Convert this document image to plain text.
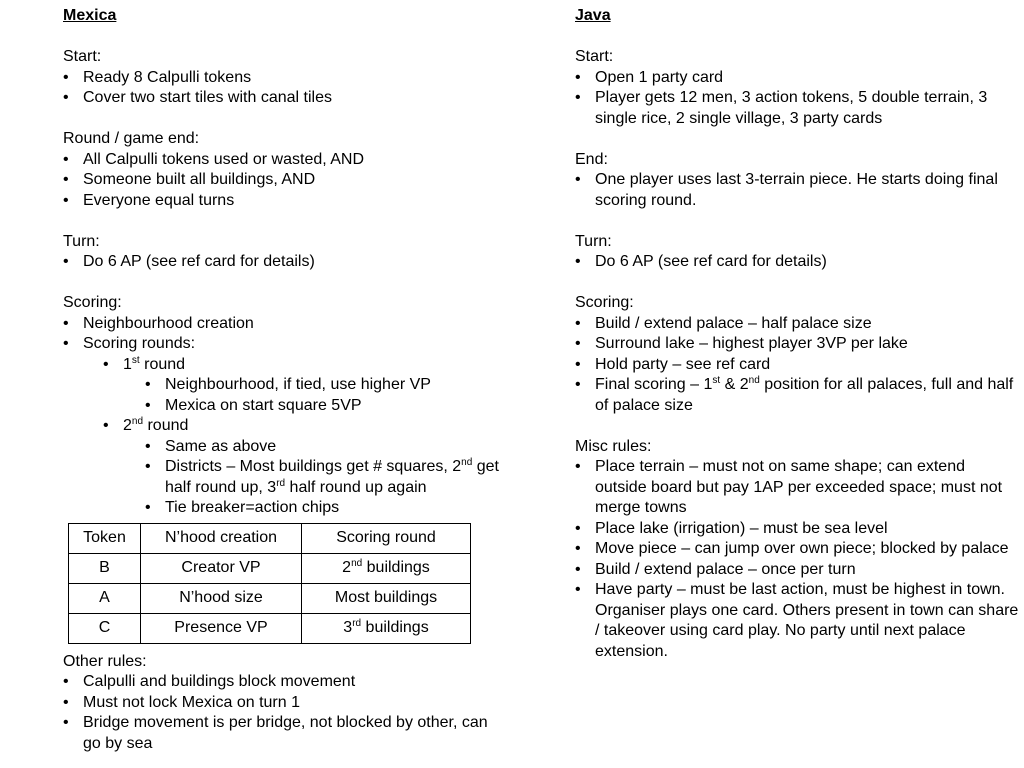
Mexica
Start:
• Ready 8 Calpulli tokens
• Cover two start tiles with canal tiles
Round / game end:
• All Calpulli tokens used or wasted, AND
• Someone built all buildings, AND
• Everyone equal turns
Turn:
• Do 6 AP (see ref card for details)
Scoring:
• Neighbourhood creation
• Scoring rounds:
• 1st round
• Neighbourhood, if tied, use higher VP
• Mexica on start square 5VP
• 2nd round
• Same as above
• Districts – Most buildings get # squares, 2nd get half round up, 3rd half round up again
• Tie breaker=action chips
Token	N’hood creation	Scoring round
B	Creator VP	2nd buildings
A	N’hood size	Most buildings
C	Presence VP	3rd buildings
Other rules:
• Calpulli and buildings block movement
• Must not lock Mexica on turn 1
• Bridge movement is per bridge, not blocked by other, can go by sea
Java
Start:
• Open 1 party card
• Player gets 12 men, 3 action tokens, 5 double terrain, 3 single rice, 2 single village, 3 party cards
End:
• One player uses last 3-terrain piece. He starts doing final scoring round.
Turn:
• Do 6 AP (see ref card for details)
Scoring:
• Build / extend palace – half palace size
• Surround lake – highest player 3VP per lake
• Hold party – see ref card
• Final scoring – 1st & 2nd position for all palaces, full and half of palace size
Misc rules:
• Place terrain – must not on same shape; can extend outside board but pay 1AP per exceeded space; must not merge towns
• Place lake (irrigation) – must be sea level
• Move piece – can jump over own piece; blocked by palace
• Build / extend palace – once per turn
• Have party – must be last action, must be highest in town. Organiser plays one card. Others present in town can share / takeover using card play. No party until next palace extension.
